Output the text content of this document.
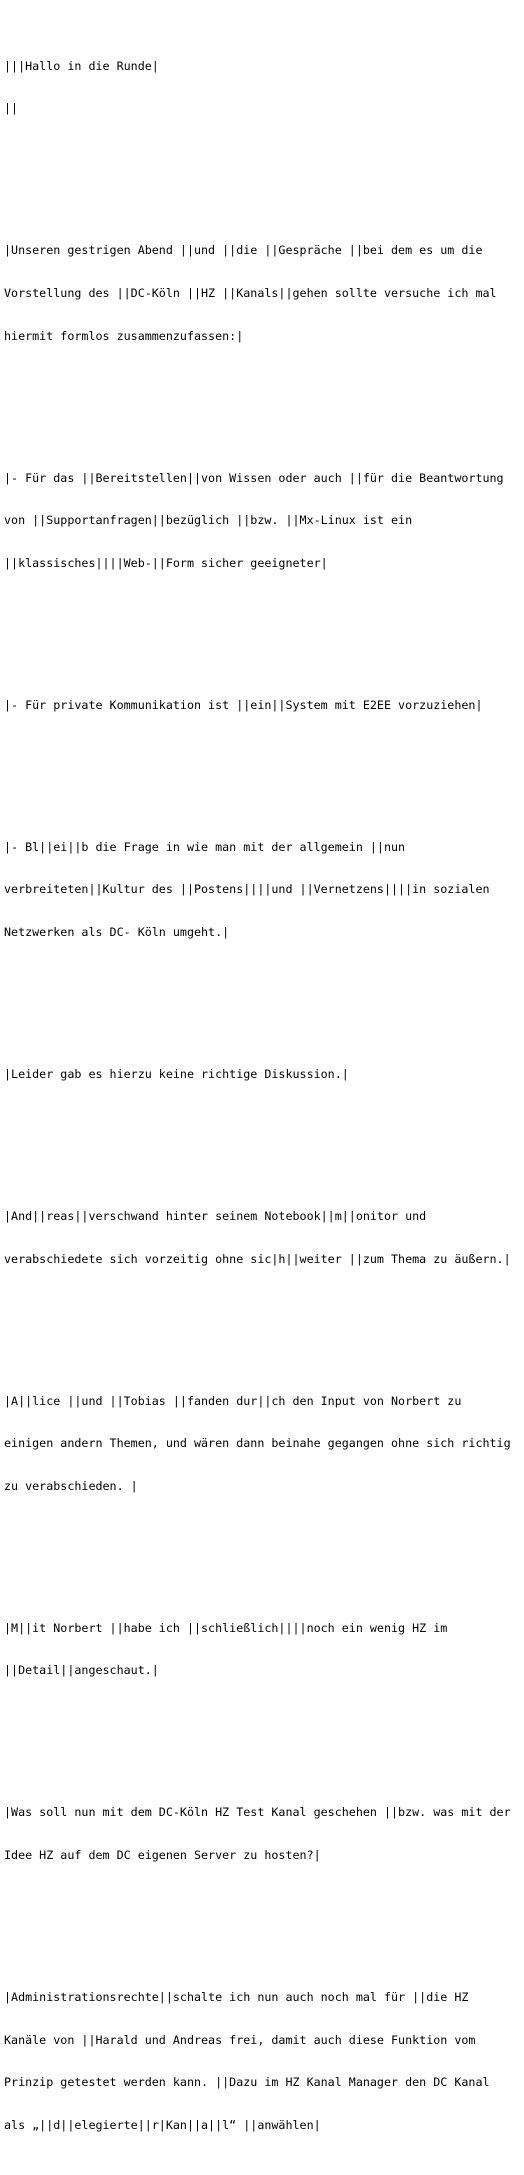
|||Hallo in die Runde|

||

|Unseren gestrigen Abend ||und ||die ||Gespräche ||bei dem es um die

Vorstellung des ||DC-Köln ||HZ ||Kanals||gehen sollte versuche ich mal

hiermit formlos zusammenzufassen:|

|- Für das ||Bereitstellen||von Wissen oder auch ||für die Beantwortung

von ||Supportanfragen||bezüglich ||bzw. ||Mx-Linux ist ein

||klassisches||||Web-||Form sicher geeigneter|

|- Für private Kommunikation ist ||ein||System mit E2EE vorzuziehen|

|- Bl||ei||b die Frage in wie man mit der allgemein ||nun

verbreiteten||Kultur des ||Postens||||und ||Vernetzens||||in sozialen

Netzwerken als DC- Köln umgeht.|

|Leider gab es hierzu keine richtige Diskussion.|

|And||reas||verschwand hinter seinem Notebook||m||onitor und

verabschiedete sich vorzeitig ohne sic|h||weiter ||zum Thema zu äußern.|

|A||lice ||und ||Tobias ||fanden dur||ch den Input von Norbert zu

einigen andern Themen, und wären dann beinahe gegangen ohne sich richtig

zu verabschieden. |

|M||it Norbert ||habe ich ||schließlich||||noch ein wenig HZ im

||Detail||angeschaut.|

|Was soll nun mit dem DC-Köln HZ Test Kanal geschehen ||bzw. was mit der

Idee HZ auf dem DC eigenen Server zu hosten?|

|Administrationsrechte||schalte ich nun auch noch mal für ||die HZ

Kanäle von ||Harald und Andreas frei, damit auch diese Funktion vom

Prinzip getestet werden kann. ||Dazu im HZ Kanal Manager den DC Kanal

als „||d||elegierte||r|Kan||a||l“ ||anwählen|
